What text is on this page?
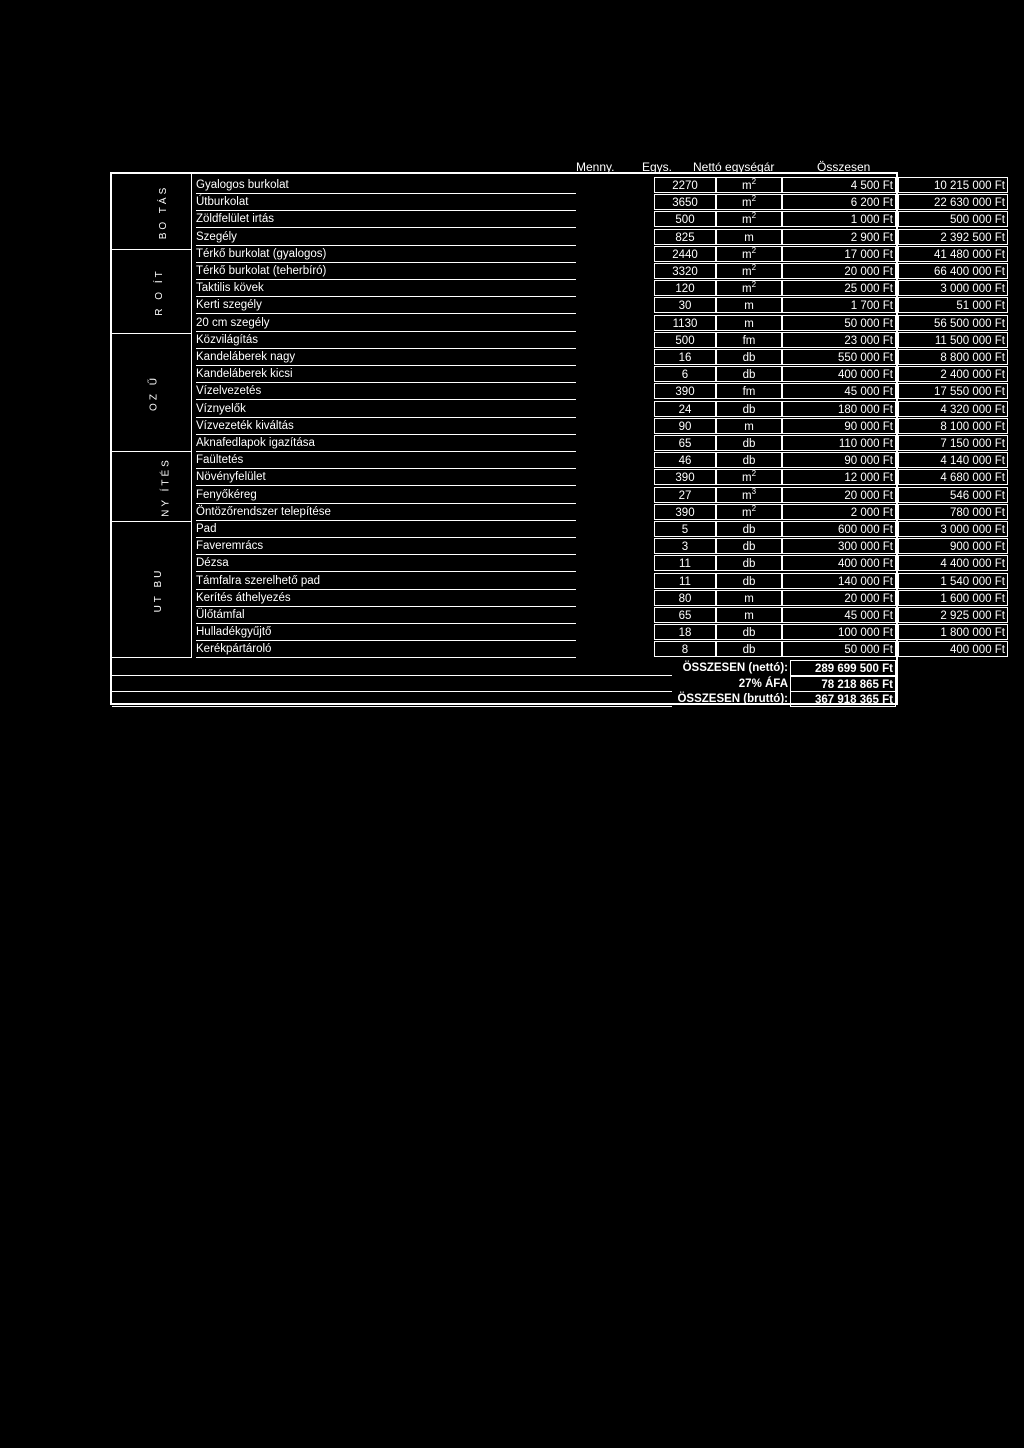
Menny. Egys. Nettó egységár	Összesen
BO TÁS
R O ÍT
OZ Ű
NY ÍTÉS
UT BU
Gyalogos burkolat	2270	$m^2$	4 500 Ft	10 215 000 Ft
Útburkolat	3650	$m^2$	6 200 Ft	22 630 000 Ft
Zöldfelület irtás	500	$m^2$	1 000 Ft	500 000 Ft
Szegély	825	m	2 900 Ft	2 392 500 Ft
Térkő burkolat (gyalogos)	2440	$m^2$	17 000 Ft	41 480 000 Ft
Térkő burkolat (teherbíró)	3320	$m^2$	20 000 Ft	66 400 000 Ft
Taktilis kövek	120	$m^2$	25 000 Ft	3 000 000 Ft
Kerti szegély	30	m	1 700 Ft	51 000 Ft
20 cm szegély	1130	m	50 000 Ft	56 500 000 Ft
Közvilágítás	500	fm	23 000 Ft	11 500 000 Ft
Kandeláberek nagy	16	db	550 000 Ft	8 800 000 Ft
Kandeláberek kicsi	6	db	400 000 Ft	2 400 000 Ft
Vízelvezetés	390	fm	45 000 Ft	17 550 000 Ft
Víznyelők	24	db	180 000 Ft	4 320 000 Ft
Vízvezeték kiváltás	90	m	90 000 Ft	8 100 000 Ft
Aknafedlapok igazítása	65	db	110 000 Ft	7 150 000 Ft
Faültetés	46	db	90 000 Ft	4 140 000 Ft
Növényfelület	390	$m^2$	12 000 Ft	4 680 000 Ft
Fenyőkéreg	27	$m^3$	20 000 Ft	546 000 Ft
Öntözőrendszer telepítése	390	$m^2$	2 000 Ft	780 000 Ft
Pad	5	db	600 000 Ft	3 000 000 Ft
Faveremrács	3	db	300 000 Ft	900 000 Ft
Dézsa	11	db	400 000 Ft	4 400 000 Ft
Támfalra szerelhető pad	11	db	140 000 Ft	1 540 000 Ft
Kerítés áthelyezés	80	m	20 000 Ft	1 600 000 Ft
Ülőtámfal	65	m	45 000 Ft	2 925 000 Ft
Hulladékgyűjtő	18	db	100 000 Ft	1 800 000 Ft
Kerékpártároló	8	db	50 000 Ft	400 000 Ft
ÖSSZESEN (nettó):	289 699 500 Ft
27% ÁFA	78 218 865 Ft
ÖSSZESEN (bruttó):	367 918 365 Ft
